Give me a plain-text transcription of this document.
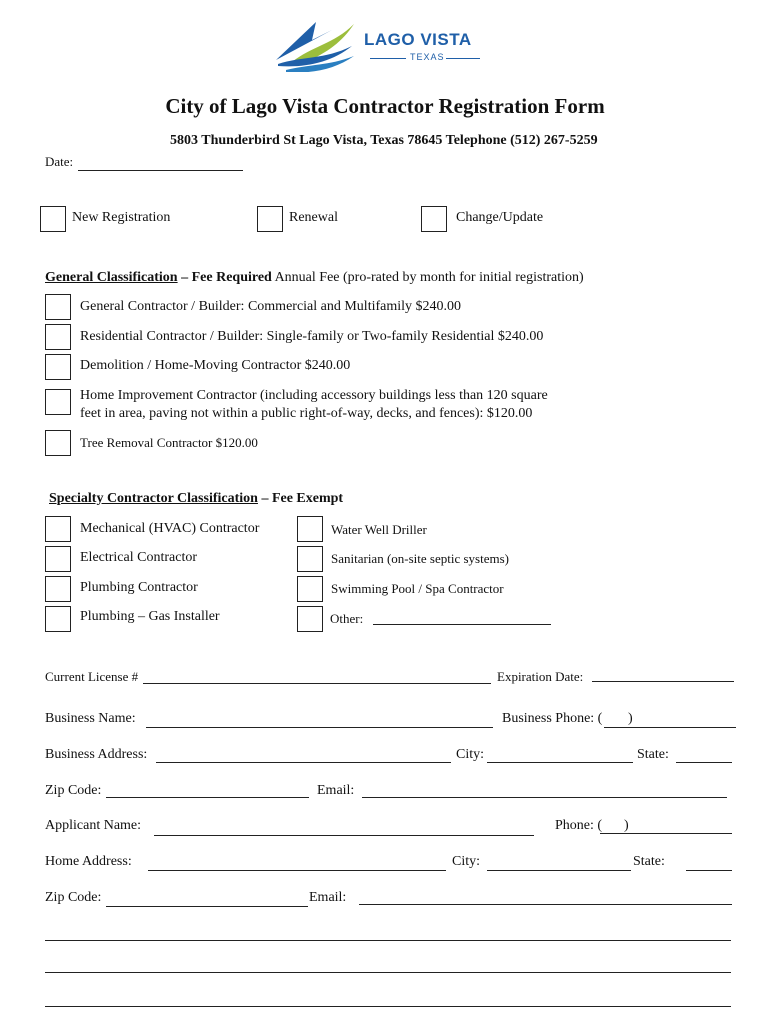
LAGO VISTA
TEXAS
City of Lago Vista Contractor Registration Form
5803 Thunderbird St Lago Vista, Texas 78645 Telephone (512) 267-5259
Date:
New Registration	Renewal	Change/Update
General Classification – Fee Required Annual Fee (pro-rated by month for initial registration)
General Contractor / Builder: Commercial and Multifamily $240.00
Residential Contractor / Builder: Single-family or Two-family Residential $240.00
Demolition / Home-Moving Contractor $240.00
Home Improvement Contractor (including accessory buildings less than 120 square
feet in area, paving not within a public right-of-way, decks, and fences): $120.00
Tree Removal Contractor $120.00
Specialty Contractor Classification – Fee Exempt
Mechanical (HVAC) Contractor	Water Well Driller
Electrical Contractor	Sanitarian (on-site septic systems)
Plumbing Contractor	Swimming Pool / Spa Contractor
Plumbing – Gas Installer	Other:
Current License #	Expiration Date:
Business Name:	Business Phone: ( )
Business Address:	City:	State:
Zip Code:	Email:
Applicant Name:	Phone: ( )
Home Address:	City:	State:
Zip Code:	Email:
